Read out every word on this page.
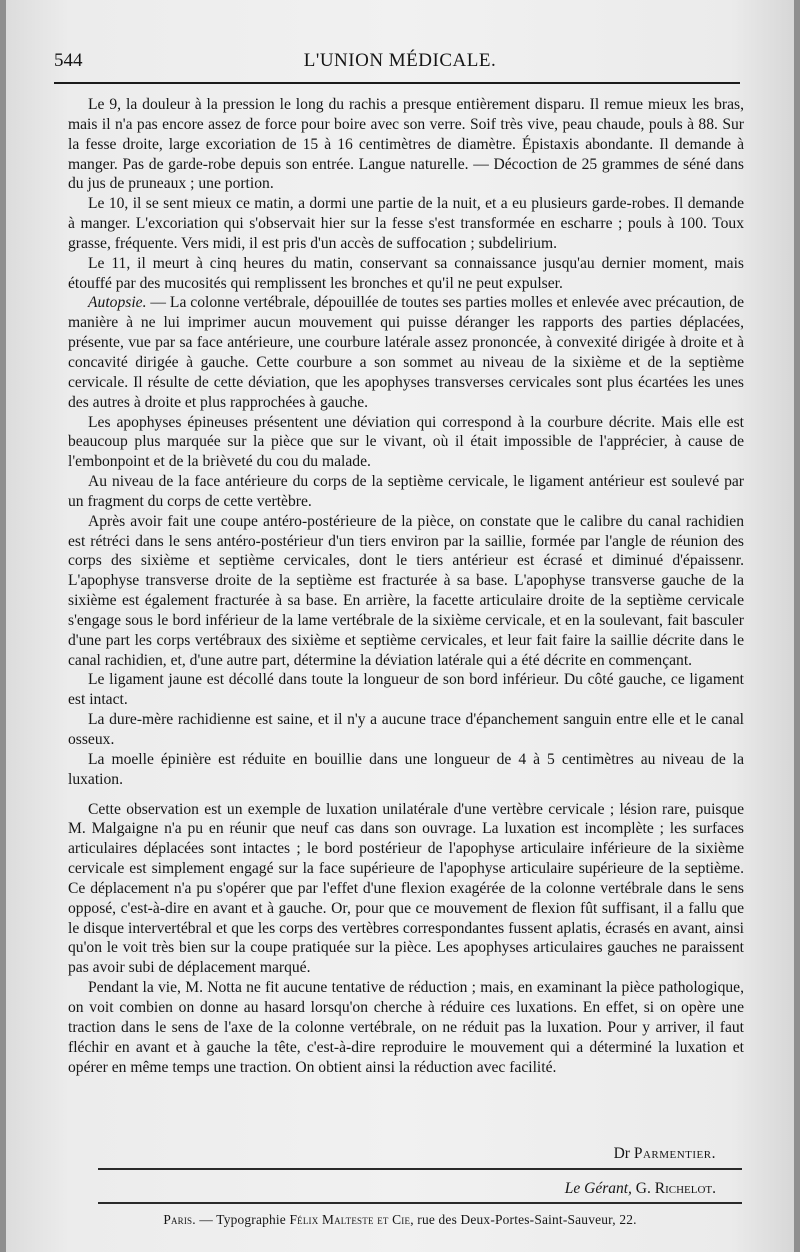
544	L'UNION MÉDICALE.

Le 9, la douleur à la pression le long du rachis a presque entièrement disparu. Il remue mieux les bras, mais il n'a pas encore assez de force pour boire avec son verre. Soif très vive, peau chaude, pouls à 88. Sur la fesse droite, large excoriation de 15 à 16 centimètres de diamètre. Épistaxis abondante. Il demande à manger. Pas de garde-robe depuis son entrée. Langue naturelle. — Décoction de 25 grammes de séné dans du jus de pruneaux ; une portion.

Le 10, il se sent mieux ce matin, a dormi une partie de la nuit, et a eu plusieurs garde-robes. Il demande à manger. L'excoriation qui s'observait hier sur la fesse s'est transformée en escharre ; pouls à 100. Toux grasse, fréquente. Vers midi, il est pris d'un accès de suffocation ; subdelirium.

Le 11, il meurt à cinq heures du matin, conservant sa connaissance jusqu'au dernier moment, mais étouffé par des mucosités qui remplissent les bronches et qu'il ne peut expulser.

Autopsie. — La colonne vertébrale, dépouillée de toutes ses parties molles et enlevée avec précaution, de manière à ne lui imprimer aucun mouvement qui puisse déranger les rapports des parties déplacées, présente, vue par sa face antérieure, une courbure latérale assez prononcée, à convexité dirigée à droite et à concavité dirigée à gauche. Cette courbure a son sommet au niveau de la sixième et de la septième cervicale. Il résulte de cette déviation, que les apophyses transverses cervicales sont plus écartées les unes des autres à droite et plus rapprochées à gauche.

Les apophyses épineuses présentent une déviation qui correspond à la courbure décrite. Mais elle est beaucoup plus marquée sur la pièce que sur le vivant, où il était impossible de l'apprécier, à cause de l'embonpoint et de la brièveté du cou du malade.

Au niveau de la face antérieure du corps de la septième cervicale, le ligament antérieur est soulevé par un fragment du corps de cette vertèbre.

Après avoir fait une coupe antéro-postérieure de la pièce, on constate que le calibre du canal rachidien est rétréci dans le sens antéro-postérieur d'un tiers environ par la saillie, formée par l'angle de réunion des corps des sixième et septième cervicales, dont le tiers antérieur est écrasé et diminué d'épaissenr. L'apophyse transverse droite de la septième est fracturée à sa base. L'apophyse transverse gauche de la sixième est également fracturée à sa base. En arrière, la facette articulaire droite de la septième cervicale s'engage sous le bord inférieur de la lame vertébrale de la sixième cervicale, et en la soulevant, fait basculer d'une part les corps vertébraux des sixième et septième cervicales, et leur fait faire la saillie décrite dans le canal rachidien, et, d'une autre part, détermine la déviation latérale qui a été décrite en commençant.

Le ligament jaune est décollé dans toute la longueur de son bord inférieur. Du côté gauche, ce ligament est intact.

La dure-mère rachidienne est saine, et il n'y a aucune trace d'épanchement sanguin entre elle et le canal osseux.

La moelle épinière est réduite en bouillie dans une longueur de 4 à 5 centimètres au niveau de la luxation.

Cette observation est un exemple de luxation unilatérale d'une vertèbre cervicale ; lésion rare, puisque M. Malgaigne n'a pu en réunir que neuf cas dans son ouvrage. La luxation est incomplète ; les surfaces articulaires déplacées sont intactes ; le bord postérieur de l'apophyse articulaire inférieure de la sixième cervicale est simplement engagé sur la face supérieure de l'apophyse articulaire supérieure de la septième. Ce déplacement n'a pu s'opérer que par l'effet d'une flexion exagérée de la colonne vertébrale dans le sens opposé, c'est-à-dire en avant et à gauche. Or, pour que ce mouvement de flexion fût suffisant, il a fallu que le disque intervertébral et que les corps des vertèbres correspondantes fussent aplatis, écrasés en avant, ainsi qu'on le voit très bien sur la coupe pratiquée sur la pièce. Les apophyses articulaires gauches ne paraissent pas avoir subi de déplacement marqué.

Pendant la vie, M. Notta ne fit aucune tentative de réduction ; mais, en examinant la pièce pathologique, on voit combien on donne au hasard lorsqu'on cherche à réduire ces luxations. En effet, si on opère une traction dans le sens de l'axe de la colonne vertébrale, on ne réduit pas la luxation. Pour y arriver, il faut fléchir en avant et à gauche la tête, c'est-à-dire reproduire le mouvement qui a déterminé la luxation et opérer en même temps une traction. On obtient ainsi la réduction avec facilité.

Dr Parmentier.
Le Gérant, G. Richelot.
Paris. — Typographie Félix Malteste et Cie, rue des Deux-Portes-Saint-Sauveur, 22.
